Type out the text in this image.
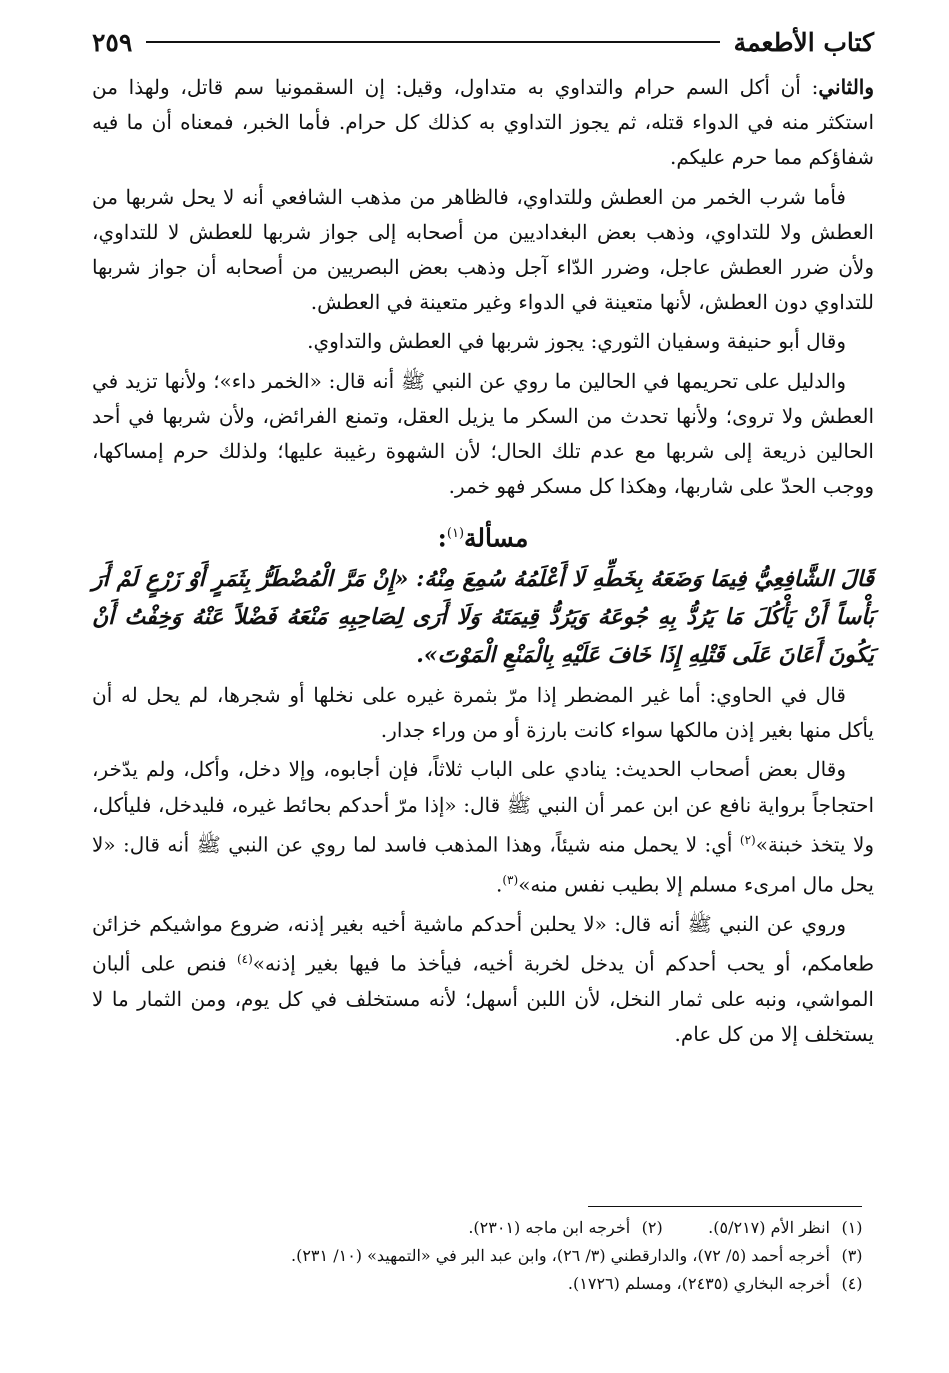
كتاب الأطعمة
٢٥٩

والثاني: أن أكل السم حرام والتداوي به متداول، وقيل: إن السقمونيا سم قاتل، ولهذا من استكثر منه في الدواء قتله، ثم يجوز التداوي به كذلك كل حرام. فأما الخبر، فمعناه أن ما فيه شفاؤكم مما حرم عليكم.

فأما شرب الخمر من العطش وللتداوي، فالظاهر من مذهب الشافعي أنه لا يحل شربها من العطش ولا للتداوي، وذهب بعض البغداديين من أصحابه إلى جواز شربها للعطش لا للتداوي، ولأن ضرر العطش عاجل، وضرر الدّاء آجل وذهب بعض البصريين من أصحابه أن جواز شربها للتداوي دون العطش، لأنها متعينة في الدواء وغير متعينة في العطش.

وقال أبو حنيفة وسفيان الثوري: يجوز شربها في العطش والتداوي.

والدليل على تحريمها في الحالين ما روي عن النبي ﷺ أنه قال: «الخمر داء»؛ ولأنها تزيد في العطش ولا تروى؛ ولأنها تحدث من السكر ما يزيل العقل، وتمنع الفرائض، ولأن شربها في أحد الحالين ذريعة إلى شربها مع عدم تلك الحال؛ لأن الشهوة رغيبة عليها؛ ولذلك حرم إمساكها، ووجب الحدّ على شاربها، وهكذا كل مسكر فهو خمر.

مسألة$^{(١)}$:

قَالَ الشَّافِعِيُّ فِيمَا وَضَعَهُ بِخَطِّهِ لَا أَعْلَمُهُ سُمِعَ مِنْهُ: «إِنْ مَرَّ الْمُضْطَرُّ بِثَمَرٍ أَوْ زَرْعٍ لَمْ أَرَ بَأْساً أَنْ يَأْكُلَ مَا يَرُدُّ بِهِ جُوعَهُ وَيَرُدُّ قِيمَتَهُ وَلَا أَرَى لِصَاحِبِهِ مَنْعَهُ فَضْلاً عَنْهُ وَخِفْتُ أَنْ يَكُونَ أَعَانَ عَلَى قَتْلِهِ إِذَا خَافَ عَلَيْهِ بِالْمَنْعِ الْمَوْتَ».

قال في الحاوي: أما غير المضطر إذا مرّ بثمرة غيره على نخلها أو شجرها، لم يحل له أن يأكل منها بغير إذن مالكها سواء كانت بارزة أو من وراء جدار.

وقال بعض أصحاب الحديث: ينادي على الباب ثلاثاً، فإن أجابوه، وإلا دخل، وأكل، ولم يدّخر، احتجاجاً برواية نافع عن ابن عمر أن النبي ﷺ قال: «إذا مرّ أحدكم بحائط غيره، فليدخل، فليأكل، ولا يتخذ خبنة»$^{(٢)}$ أي: لا يحمل منه شيئاً، وهذا المذهب فاسد لما روي عن النبي ﷺ أنه قال: «لا يحل مال امرىء مسلم إلا بطيب نفس منه»$^{(٣)}$.

وروي عن النبي ﷺ أنه قال: «لا يحلبن أحدكم ماشية أخيه بغير إذنه، ضروع مواشيكم خزائن طعامكم، أو يحب أحدكم أن يدخل لخربة أخيه، فيأخذ ما فيها بغير إذنه»$^{(٤)}$ فنص على ألبان المواشي، ونبه على ثمار النخل، لأن اللبن أسهل؛ لأنه مستخلف في كل يوم، ومن الثمار ما لا يستخلف إلا من كل عام.

(١)
انظر الأم (٥/٢١٧).
(٢)
أخرجه ابن ماجه (٢٣٠١).
(٣)
أخرجه أحمد (٥/ ٧٢)، والدارقطني (٣/ ٢٦)، وابن عبد البر في «التمهيد» (١٠/ ٢٣١).
(٤)
أخرجه البخاري (٢٤٣٥)، ومسلم (١٧٢٦).
